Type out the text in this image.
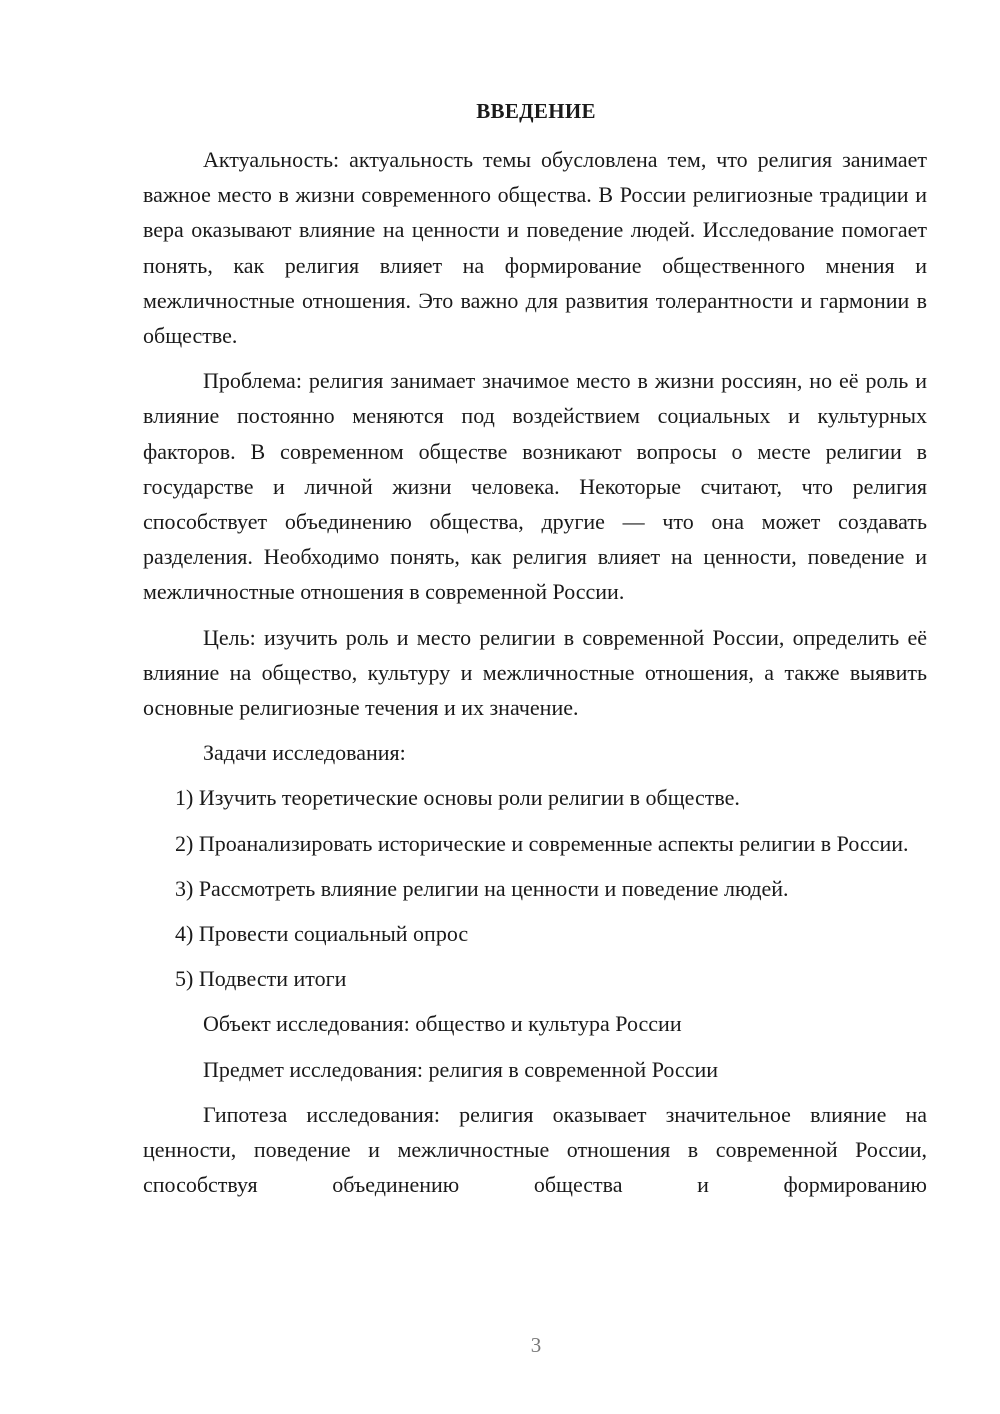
ВВЕДЕНИЕ

Актуальность: актуальность темы обусловлена тем, что религия занимает важное место в жизни современного общества. В России религиозные традиции и вера оказывают влияние на ценности и поведение людей. Исследование помогает понять, как религия влияет на формирование общественного мнения и межличностные отношения. Это важно для развития толерантности и гармонии в обществе.

Проблема: религия занимает значимое место в жизни россиян, но её роль и влияние постоянно меняются под воздействием социальных и культурных факторов. В современном обществе возникают вопросы о месте религии в государстве и личной жизни человека. Некоторые считают, что религия способствует объединению общества, другие — что она может создавать разделения. Необходимо понять, как религия влияет на ценности, поведение и межличностные отношения в современной России.

Цель: изучить роль и место религии в современной России, определить её влияние на общество, культуру и межличностные отношения, а также выявить основные религиозные течения и их значение.

Задачи исследования:

1) Изучить теоретические основы роли религии в обществе.

2) Проанализировать исторические и современные аспекты религии в России.

3) Рассмотреть влияние религии на ценности и поведение людей.

4) Провести социальный опрос

5) Подвести итоги

Объект исследования: общество и культура России

Предмет исследования: религия в современной России

Гипотеза исследования: религия оказывает значительное влияние на ценности, поведение и межличностные отношения в современной России, способствуя объединению общества и формированию

3
